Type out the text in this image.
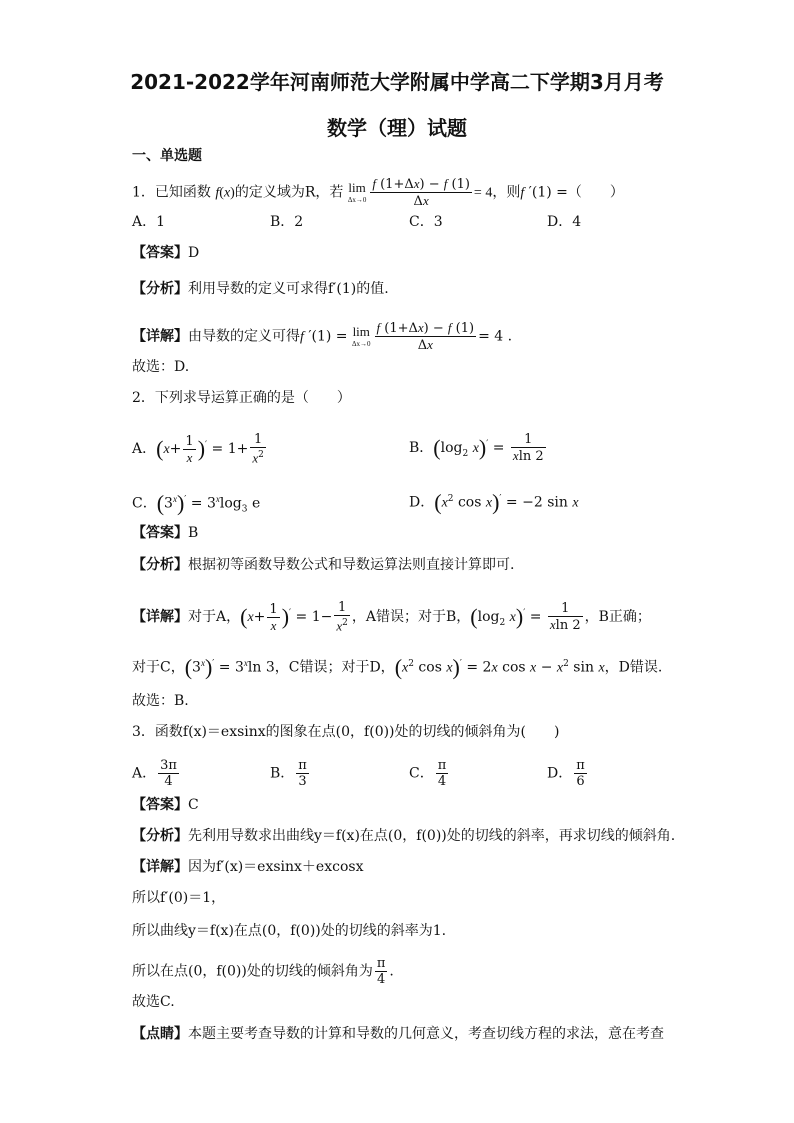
2021-2022学年河南师范大学附属中学高二下学期3月月考
数学（理）试题
一、单选题
1．已知函数 f(x)的定义域为R，若 lim
$\Delta x\to 0 \frac{f (1+\Delta x) - f (1)}{\Delta x} = 4$，则f ′(1) =（　　）
A．1	B．2	C．3	D．4
【答案】D
【分析】利用导数的定义可求得f′(1)的值.
【详解】由导数的定义可得f ′(1) = lim
$\Delta x\to 0 \frac{f (1+\Delta x) - f (1)}{\Delta x} = 4$ .
故选：D.
2．下列求导运算正确的是（　　）
A．$(x+ \frac{1}{x} )' = 1+ \frac{1}{x^2}$	B．($\log_2$ $x)' = \frac{1}{xln 2}$
C．$(3^x)' = 3^x\log_3$ e	D．($x^2$ cos x)′ = −2 sin x
【答案】B
【分析】根据初等函数导数公式和导数运算法则直接计算即可.
【详解】对于A，$(x+ \frac{1}{x} )' = 1- \frac{1}{x^2}$ ，A错误；对于B，($\log_2$ $x)' = \frac{1}{xln 2}$ ，B正确；
对于C，$(3^x)' = 3^x\ln$ 3，C错误；对于D，($x^2$ cos x)′ = 2x $\cos x - x^2$ sin x，D错误.
故选：B.
3．函数f(x)＝exsinx的图象在点(0，f(0))处的切线的倾斜角为(　　)
A． $\frac{3\pi}{4}$	B． $\frac{\pi}{3}$	C． $\frac{\pi}{4}$	D． $\frac{\pi}{6}$
【答案】C
【分析】先利用导数求出曲线y＝f(x)在点(0，f(0))处的切线的斜率，再求切线的倾斜角.
【详解】因为f′(x)＝exsinx＋excosx
所以f′(0)＝1，
所以曲线y＝f(x)在点(0，f(0))处的切线的斜率为1.
所以在点(0，f(0))处的切线的倾斜角为 $\frac{\pi}{4}$ .
故选C.
【点睛】本题主要考查导数的计算和导数的几何意义，考查切线方程的求法，意在考查
